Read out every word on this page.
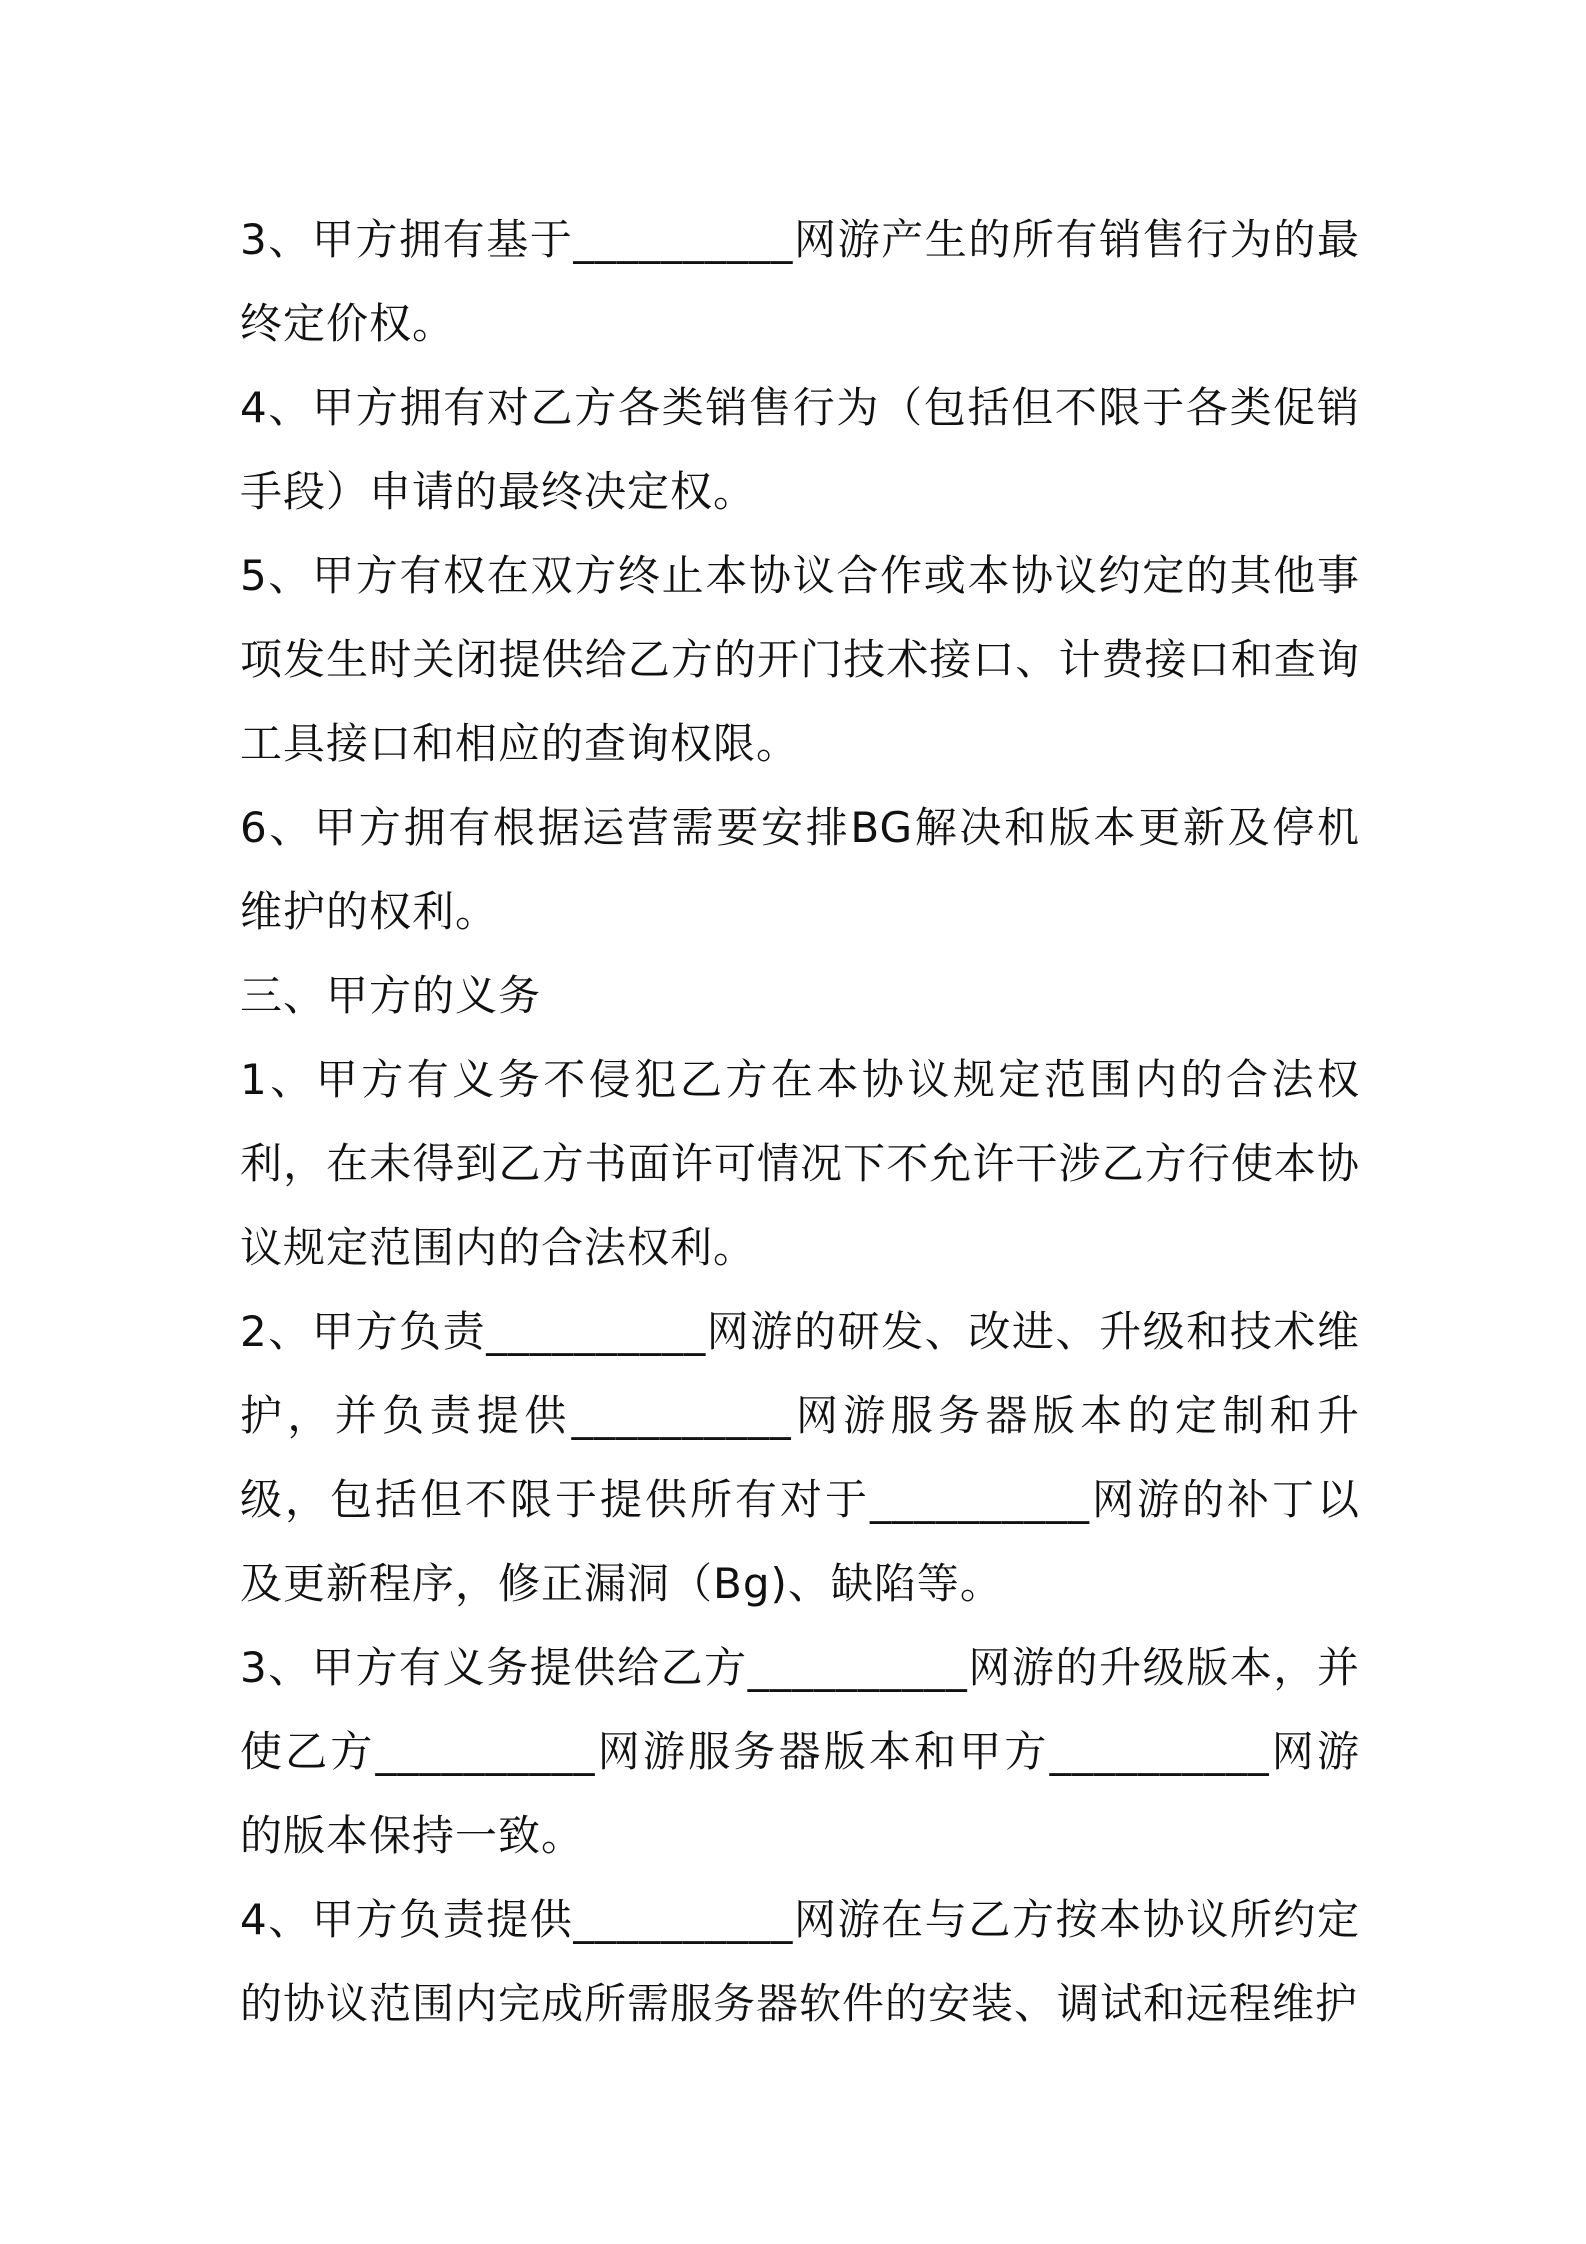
3、甲方拥有基于__________网游产生的所有销售行为的最终定价权。

4、甲方拥有对乙方各类销售行为（包括但不限于各类促销手段）申请的最终决定权。

5、甲方有权在双方终止本协议合作或本协议约定的其他事项发生时关闭提供给乙方的开门技术接口、计费接口和查询工具接口和相应的查询权限。

6、甲方拥有根据运营需要安排BG解决和版本更新及停机维护的权利。

三、甲方的义务

1、甲方有义务不侵犯乙方在本协议规定范围内的合法权利，在未得到乙方书面许可情况下不允许干涉乙方行使本协议规定范围内的合法权利。

2、甲方负责__________网游的研发、改进、升级和技术维护，并负责提供__________网游服务器版本的定制和升级，包括但不限于提供所有对于__________网游的补丁以及更新程序，修正漏洞（Bg)、缺陷等。

3、甲方有义务提供给乙方__________网游的升级版本，并使乙方__________网游服务器版本和甲方__________网游的版本保持一致。

4、甲方负责提供__________网游在与乙方按本协议所约定的协议范围内完成所需服务器软件的安装、调试和远程维护
